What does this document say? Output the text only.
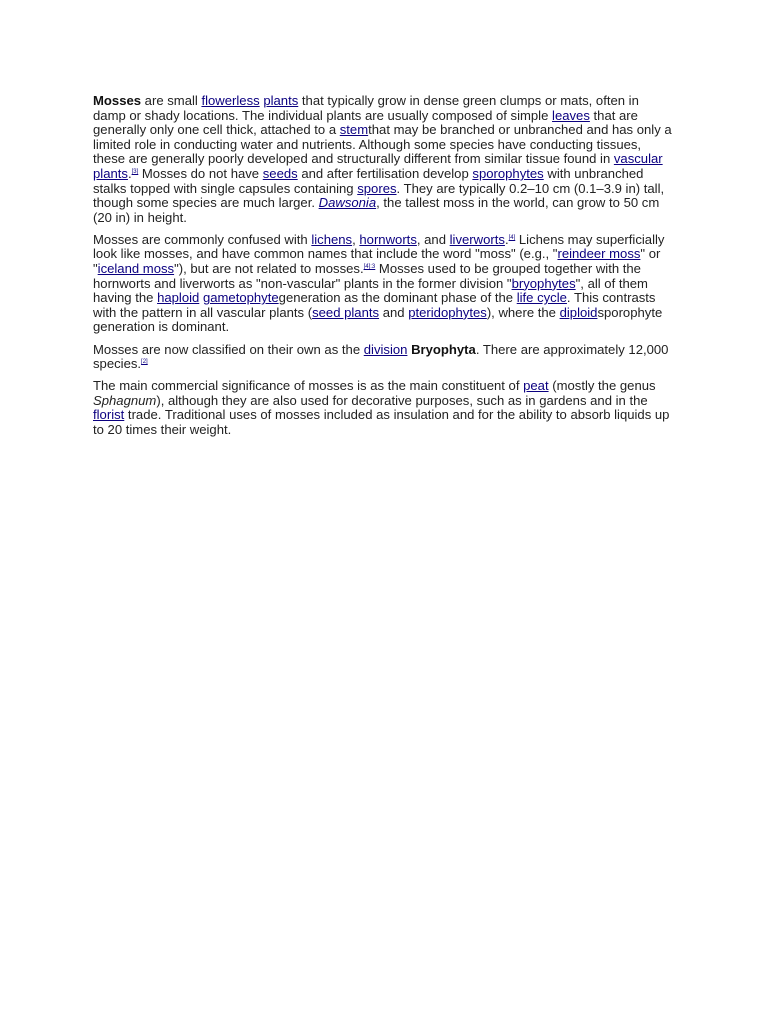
Mosses are small flowerless plants that typically grow in dense green clumps or mats, often in damp or shady locations. The individual plants are usually composed of simple leaves that are generally only one cell thick, attached to a stemthat may be branched or unbranched and has only a limited role in conducting water and nutrients. Although some species have conducting tissues, these are generally poorly developed and structurally different from similar tissue found in vascular plants.[3] Mosses do not have seeds and after fertilisation develop sporophytes with unbranched stalks topped with single capsules containing spores. They are typically 0.2–10 cm (0.1–3.9 in) tall, though some species are much larger. Dawsonia, the tallest moss in the world, can grow to 50 cm (20 in) in height.

Mosses are commonly confused with lichens, hornworts, and liverworts.[4] Lichens may superficially look like mosses, and have common names that include the word "moss" (e.g., "reindeer moss" or "iceland moss"), but are not related to mosses.$^{[4]:3}$ Mosses used to be grouped together with the hornworts and liverworts as "non-vascular" plants in the former division "bryophytes", all of them having the haploid gametophytegeneration as the dominant phase of the life cycle. This contrasts with the pattern in all vascular plants (seed plants and pteridophytes), where the diploidsporophyte generation is dominant.

Mosses are now classified on their own as the division Bryophyta. There are approximately 12,000 species.[2]

The main commercial significance of mosses is as the main constituent of peat (mostly the genus Sphagnum), although they are also used for decorative purposes, such as in gardens and in the florist trade. Traditional uses of mosses included as insulation and for the ability to absorb liquids up to 20 times their weight.
